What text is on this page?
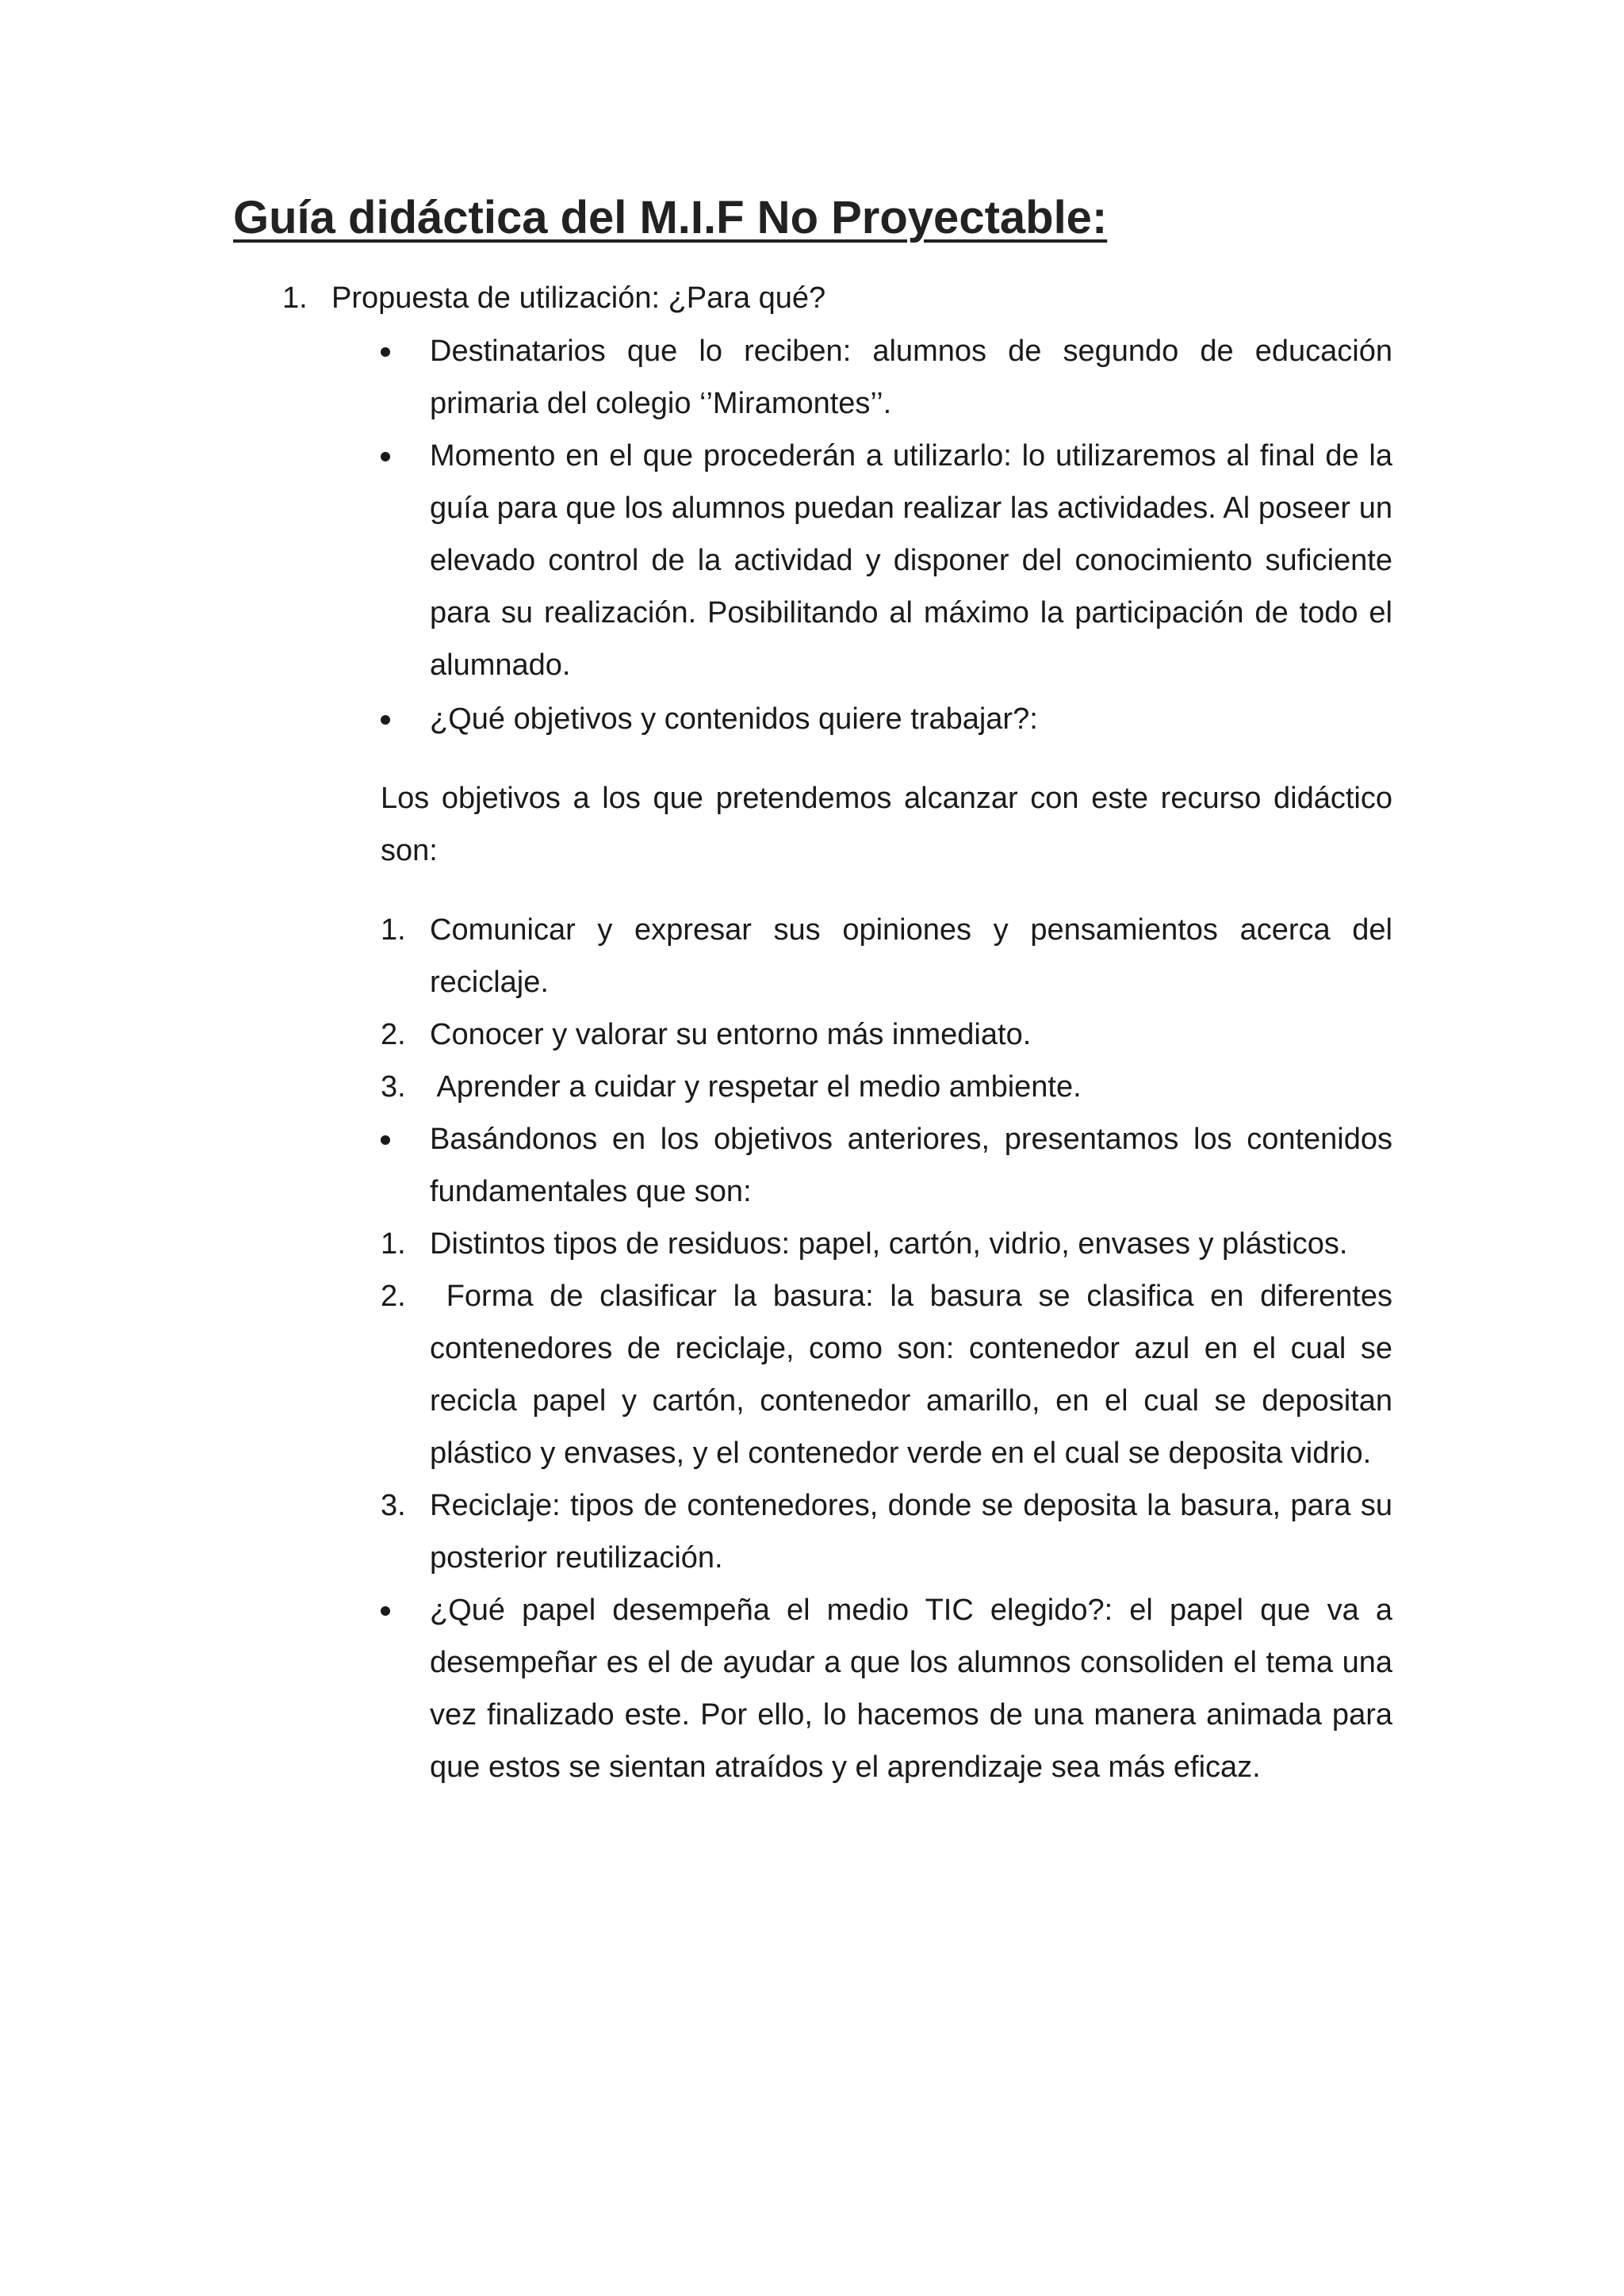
Guía didáctica del M.I.F No Proyectable:
1. Propuesta de utilización: ¿Para qué?

Destinatarios que lo reciben: alumnos de segundo de educación primaria del colegio ‘’Miramontes’’.

Momento en el que procederán a utilizarlo: lo utilizaremos al final de la guía para que los alumnos puedan realizar las actividades. Al poseer un elevado control de la actividad y disponer del conocimiento suficiente para su realización. Posibilitando al máximo la participación de todo el alumnado.

¿Qué objetivos y contenidos quiere trabajar?:

Los objetivos a los que pretendemos alcanzar con este recurso didáctico son:

1. Comunicar y expresar sus opiniones y pensamientos acerca del reciclaje.

2. Conocer y valorar su entorno más inmediato.

3. Aprender a cuidar y respetar el medio ambiente.

Basándonos en los objetivos anteriores, presentamos los contenidos fundamentales que son:

1. Distintos tipos de residuos: papel, cartón, vidrio, envases y plásticos.

2. Forma de clasificar la basura: la basura se clasifica en diferentes contenedores de reciclaje, como son: contenedor azul en el cual se recicla papel y cartón, contenedor amarillo, en el cual se depositan plástico y envases, y el contenedor verde en el cual se deposita vidrio.

3. Reciclaje: tipos de contenedores, donde se deposita la basura, para su posterior reutilización.

¿Qué papel desempeña el medio TIC elegido?: el papel que va a desempeñar es el de ayudar a que los alumnos consoliden el tema una vez finalizado este. Por ello, lo hacemos de una manera animada para que estos se sientan atraídos y el aprendizaje sea más eficaz.
